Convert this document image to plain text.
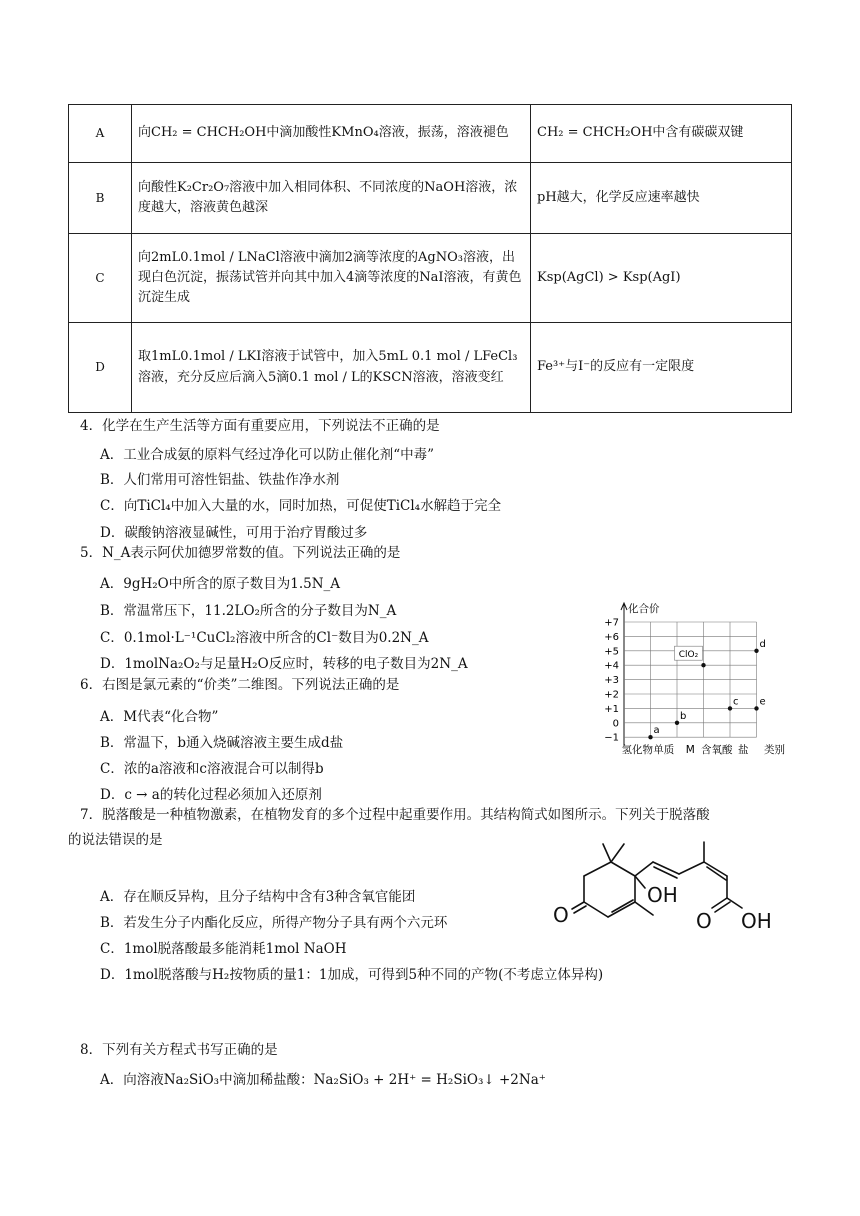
A	向CH₂ = CHCH₂OH中滴加酸性KMnO₄溶液，振荡，溶液褪色	CH₂ = CHCH₂OH中含有碳碳双键
B	向酸性K₂Cr₂O₇溶液中加入相同体积、不同浓度的NaOH溶液，浓度越大，溶液黄色越深	pH越大，化学反应速率越快
C	向2mL0.1mol / LNaCl溶液中滴加2滴等浓度的AgNO₃溶液，出现白色沉淀，振荡试管并向其中加入4滴等浓度的NaI溶液，有黄色沉淀生成	Ksp(AgCl) > Ksp(AgI)
D	取1mL0.1mol / LKI溶液于试管中，加入5mL 0.1 mol / LFeCl₃溶液，充分反应后滴入5滴0.1 mol / L的KSCN溶液，溶液变红	Fe³⁺与I⁻的反应有一定限度
4．化学在生产生活等方面有重要应用，下列说法不正确的是
A．工业合成氨的原料气经过净化可以防止催化剂“中毒”
B．人们常用可溶性铝盐、铁盐作净水剂
C．向TiCl₄中加入大量的水，同时加热，可促使TiCl₄水解趋于完全
D．碳酸钠溶液显碱性，可用于治疗胃酸过多
5．N_A表示阿伏加德罗常数的值。下列说法正确的是
A．9gH₂O中所含的原子数目为1.5N_A
B．常温常压下，11.2LO₂所含的分子数目为N_A
C．0.1mol·L⁻¹CuCl₂溶液中所含的Cl⁻数目为0.2N_A
D．1molNa₂O₂与足量H₂O反应时，转移的电子数目为2N_A
6．右图是氯元素的“价类”二维图。下列说法正确的是
A．M代表“化合物”
B．常温下，b通入烧碱溶液主要生成d盐
C．浓的a溶液和c溶液混合可以制得b
D．c → a的转化过程必须加入还原剂
化合价
+7
+6
+5
+4
+3
+2
+1
0
−1
氢化物 单质 M 含氧酸 盐 类别
a
b
ClO₂
c
d
e
7．脱落酸是一种植物激素，在植物发育的多个过程中起重要作用。其结构简式如图所示。下列关于脱落酸
的说法错误的是
A．存在顺反异构，且分子结构中含有3种含氧官能团
B．若发生分子内酯化反应，所得产物分子具有两个六元环
C．1mol脱落酸最多能消耗1mol NaOH
D．1mol脱落酸与H₂按物质的量1：1加成，可得到5种不同的产物(不考虑立体异构)
OH
O	O OH
8．下列有关方程式书写正确的是
A．向溶液Na₂SiO₃中滴加稀盐酸：Na₂SiO₃ + 2H⁺ = H₂SiO₃↓ +2Na⁺
